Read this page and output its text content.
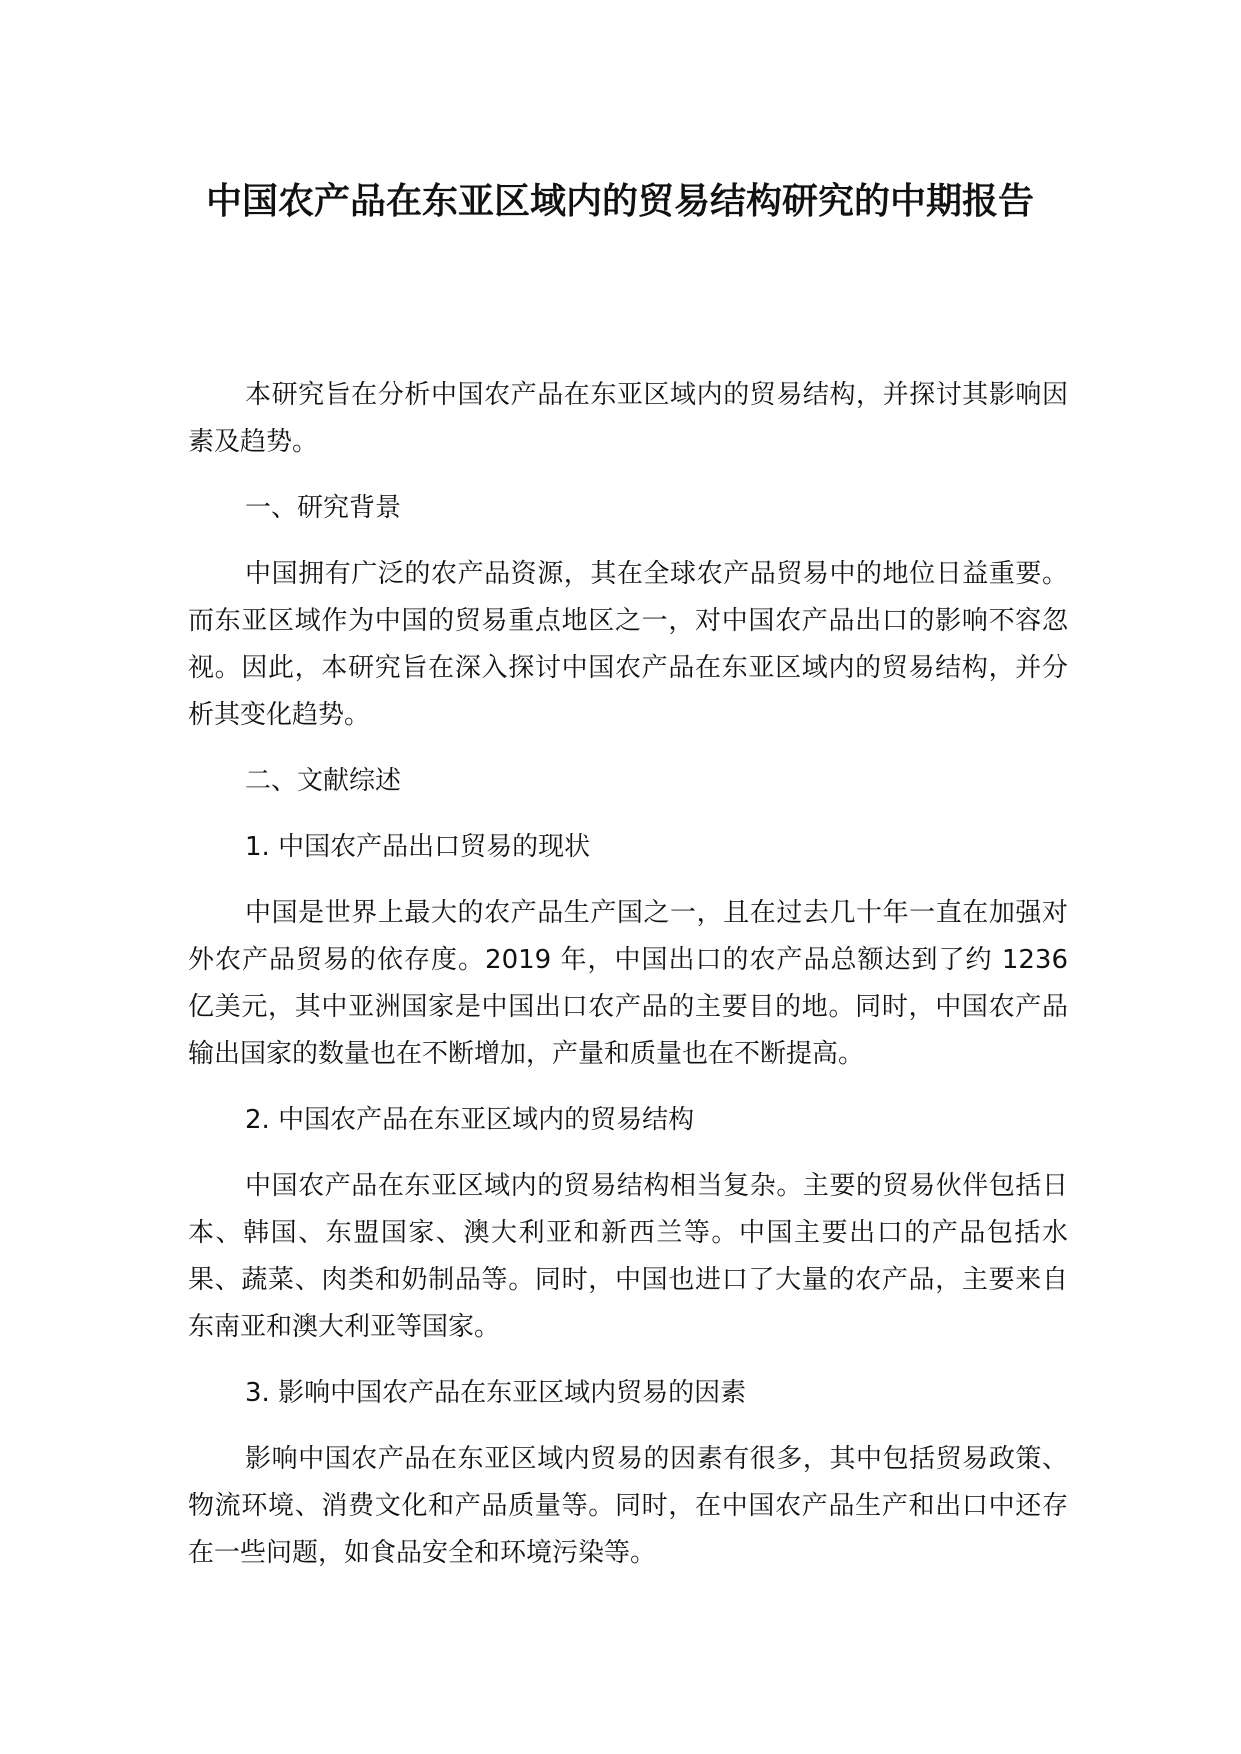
中国农产品在东亚区域内的贸易结构研究的中期报告

本研究旨在分析中国农产品在东亚区域内的贸易结构，并探讨其影响因素及趋势。

一、研究背景

中国拥有广泛的农产品资源，其在全球农产品贸易中的地位日益重要。而东亚区域作为中国的贸易重点地区之一，对中国农产品出口的影响不容忽视。因此，本研究旨在深入探讨中国农产品在东亚区域内的贸易结构，并分析其变化趋势。

二、文献综述

1. 中国农产品出口贸易的现状

中国是世界上最大的农产品生产国之一，且在过去几十年一直在加强对外农产品贸易的依存度。2019 年，中国出口的农产品总额达到了约 1236 亿美元，其中亚洲国家是中国出口农产品的主要目的地。同时，中国农产品输出国家的数量也在不断增加，产量和质量也在不断提高。

2. 中国农产品在东亚区域内的贸易结构

中国农产品在东亚区域内的贸易结构相当复杂。主要的贸易伙伴包括日本、韩国、东盟国家、澳大利亚和新西兰等。中国主要出口的产品包括水果、蔬菜、肉类和奶制品等。同时，中国也进口了大量的农产品，主要来自东南亚和澳大利亚等国家。

3. 影响中国农产品在东亚区域内贸易的因素

影响中国农产品在东亚区域内贸易的因素有很多，其中包括贸易政策、物流环境、消费文化和产品质量等。同时，在中国农产品生产和出口中还存在一些问题，如食品安全和环境污染等。
